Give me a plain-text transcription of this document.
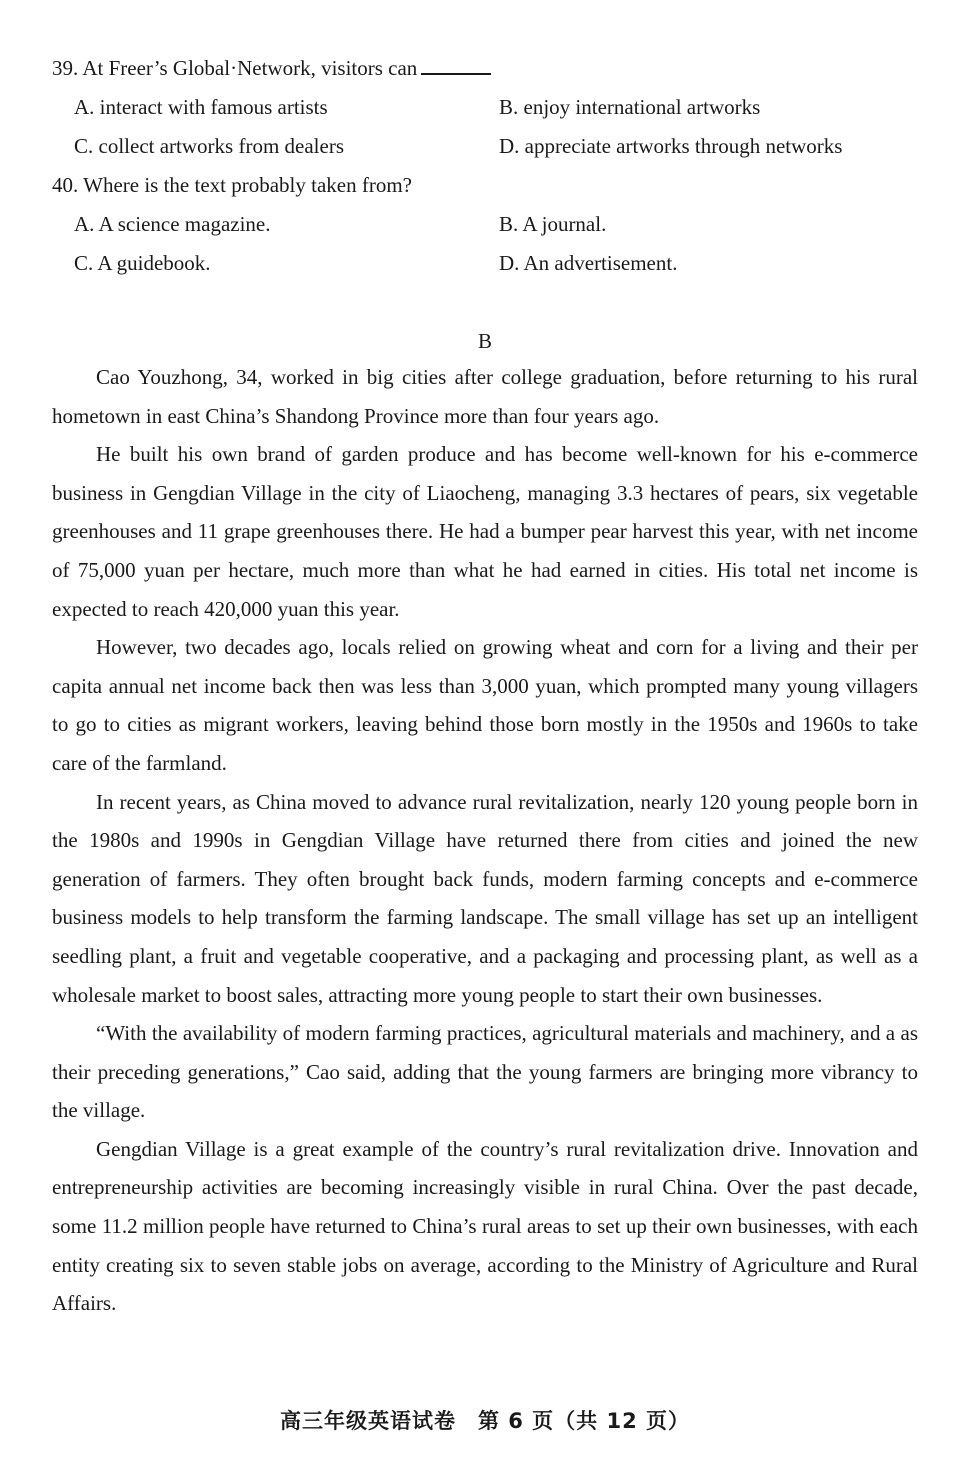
39. At Freer’s Global·Network, visitors can
A. interact with famous artists	B. enjoy international artworks
C. collect artworks from dealers	D. appreciate artworks through networks
40. Where is the text probably taken from?
A. A science magazine.	B. A journal.
C. A guidebook.	D. An advertisement.
B

Cao Youzhong, 34, worked in big cities after college graduation, before returning to his rural hometown in east China’s Shandong Province more than four years ago.

He built his own brand of garden produce and has become well-known for his e-commerce business in Gengdian Village in the city of Liaocheng, managing 3.3 hectares of pears, six vegetable greenhouses and 11 grape greenhouses there. He had a bumper pear harvest this year, with net income of 75,000 yuan per hectare, much more than what he had earned in cities. His total net income is expected to reach 420,000 yuan this year.

However, two decades ago, locals relied on growing wheat and corn for a living and their per capita annual net income back then was less than 3,000 yuan, which prompted many young villagers to go to cities as migrant workers, leaving behind those born mostly in the 1950s and 1960s to take care of the farmland.

In recent years, as China moved to advance rural revitalization, nearly 120 young people born in the 1980s and 1990s in Gengdian Village have returned there from cities and joined the new generation of farmers. They often brought back funds, modern farming concepts and e-commerce business models to help transform the farming landscape. The small village has set up an intelligent seedling plant, a fruit and vegetable cooperative, and a packaging and processing plant, as well as a wholesale market to boost sales, attracting more young people to start their own businesses.

“With the availability of modern farming practices, agricultural materials and machinery, and a as their preceding generations,” Cao said, adding that the young farmers are bringing more vibrancy to the village.

Gengdian Village is a great example of the country’s rural revitalization drive. Innovation and entrepreneurship activities are becoming increasingly visible in rural China. Over the past decade, some 11.2 million people have returned to China’s rural areas to set up their own businesses, with each entity creating six to seven stable jobs on average, according to the Ministry of Agriculture and Rural Affairs.

高三年级英语试卷　第 6 页（共 12 页）
